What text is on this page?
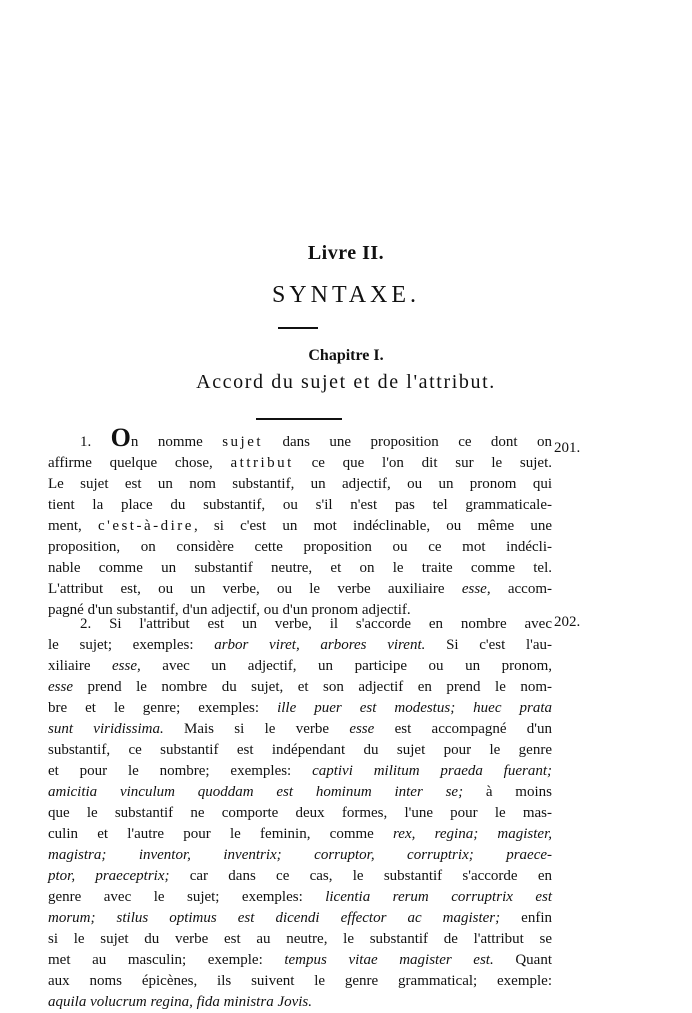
Livre II.
SYNTAXE.
Chapitre I.
Accord du sujet et de l'attribut.
201.
202.
1. On nomme sujet dans une proposition ce dont on
affirme quelque chose, attribut ce que l'on dit sur le sujet.
Le sujet est un nom substantif, un adjectif, ou un pronom qui
tient la place du substantif, ou s'il n'est pas tel grammaticale-
ment, c'est-à-dire, si c'est un mot indéclinable, ou même une
proposition, on considère cette proposition ou ce mot indécli-
nable comme un substantif neutre, et on le traite comme tel.
L'attribut est, ou un verbe, ou le verbe auxiliaire esse, accom-
pagné d'un substantif, d'un adjectif, ou d'un pronom adjectif.
2. Si l'attribut est un verbe, il s'accorde en nombre avec
le sujet; exemples: arbor viret, arbores virent. Si c'est l'au-
xiliaire esse, avec un adjectif, un participe ou un pronom,
esse prend le nombre du sujet, et son adjectif en prend le nom-
bre et le genre; exemples: ille puer est modestus; huec prata
sunt viridissima. Mais si le verbe esse est accompagné d'un
substantif, ce substantif est indépendant du sujet pour le genre
et pour le nombre; exemples: captivi militum praeda fuerant;
amicitia vinculum quoddam est hominum inter se; à moins
que le substantif ne comporte deux formes, l'une pour le mas-
culin et l'autre pour le feminin, comme rex, regina; magister,
magistra; inventor, inventrix; corruptor, corruptrix; praece-
ptor, praeceptrix; car dans ce cas, le substantif s'accorde en
genre avec le sujet; exemples: licentia rerum corruptrix est
morum; stilus optimus est dicendi effector ac magister; enfin
si le sujet du verbe est au neutre, le substantif de l'attribut se
met au masculin; exemple: tempus vitae magister est. Quant
aux noms épicènes, ils suivent le genre grammatical; exemple:
aquila volucrum regina, fida ministra Jovis.
